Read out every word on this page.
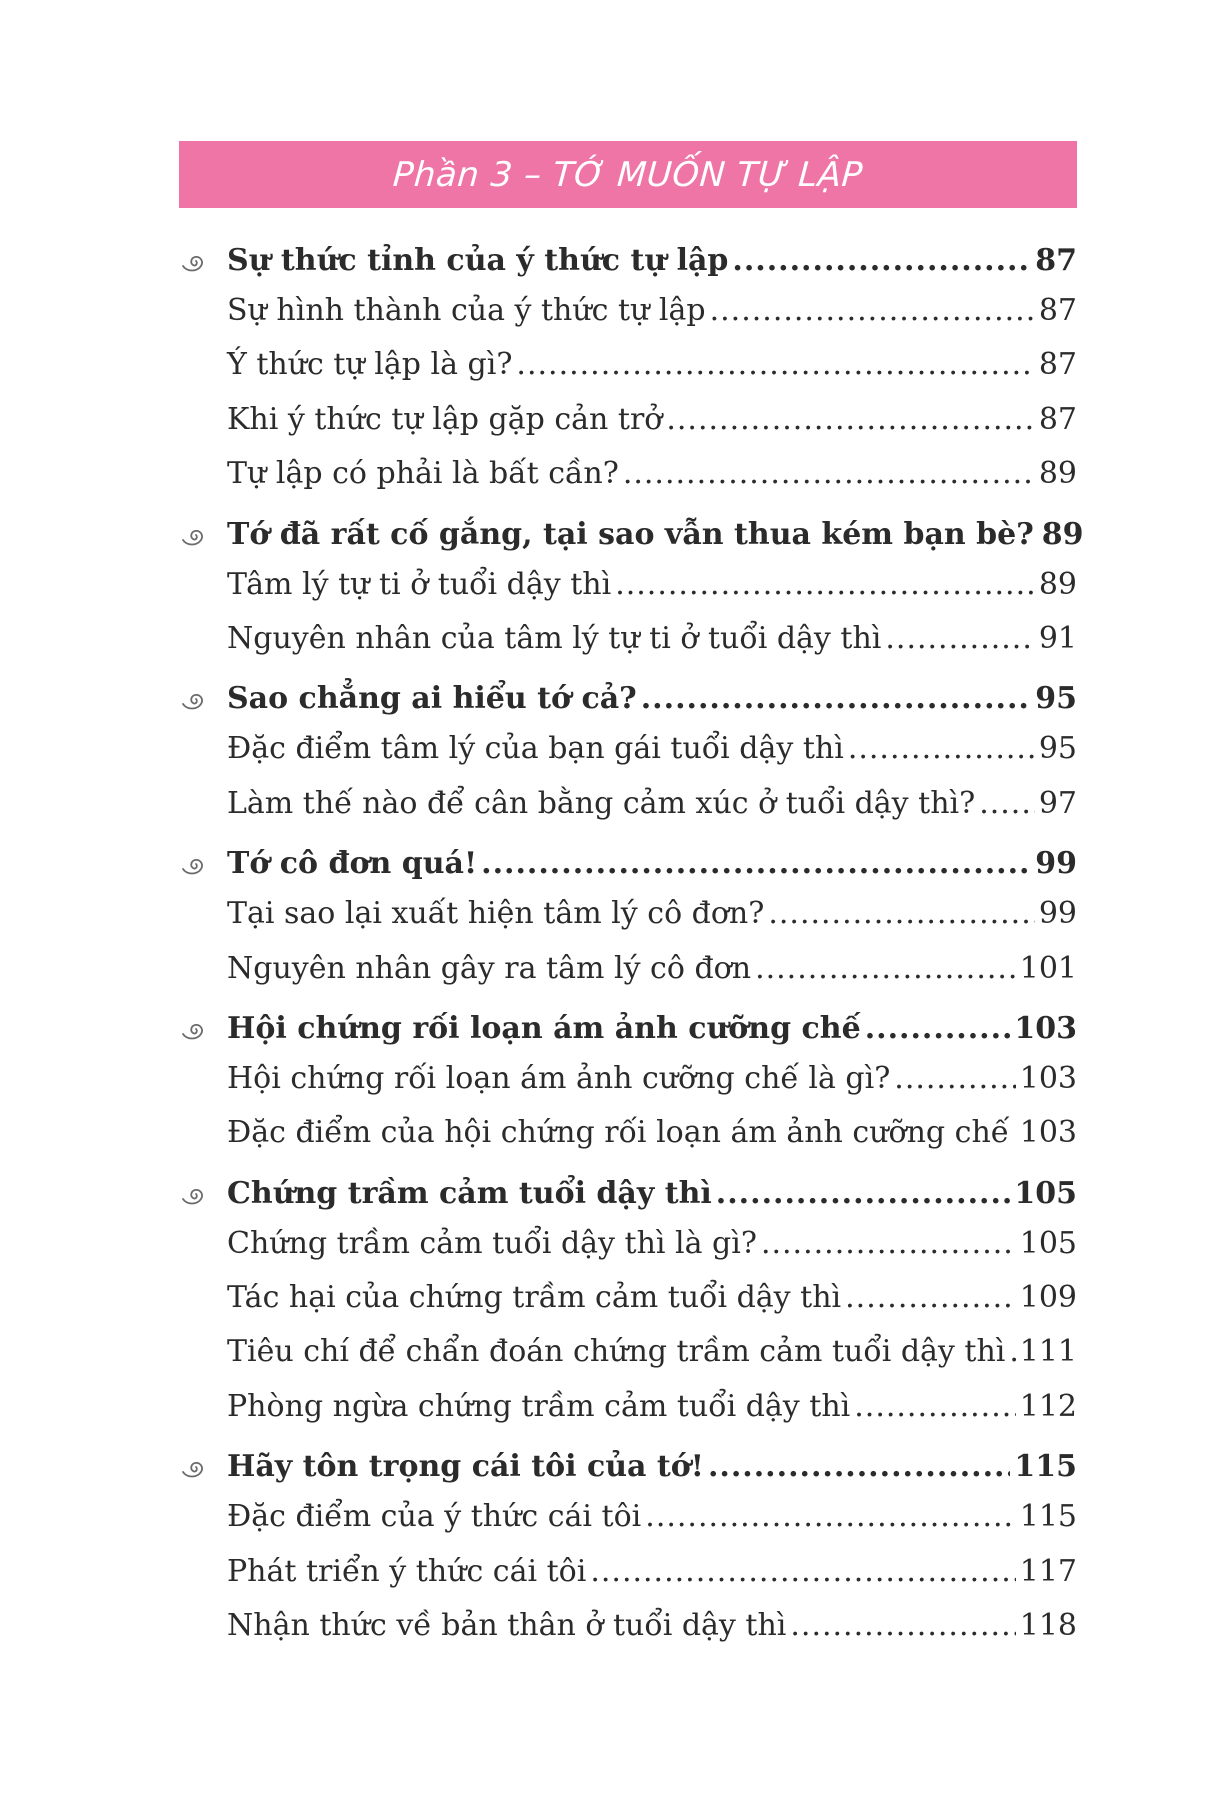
Phần 3 – TỚ MUỐN TỰ LẬP
Sự thức tỉnh của ý thức tự lập .....	87
Sự hình thành của ý thức tự lập .....	87
Ý thức tự lập là gì? .....	87
Khi ý thức tự lập gặp cản trở .....	87
Tự lập có phải là bất cần? .....	89
Tớ đã rất cố gắng, tại sao vẫn thua kém bạn bè? 89
Tâm lý tự ti ở tuổi dậy thì .....	89
Nguyên nhân của tâm lý tự ti ở tuổi dậy thì .....	91
Sao chẳng ai hiểu tớ cả? .....	95
Đặc điểm tâm lý của bạn gái tuổi dậy thì .....	95
Làm thế nào để cân bằng cảm xúc ở tuổi dậy thì? ..... 97
Tớ cô đơn quá! .....	99
Tại sao lại xuất hiện tâm lý cô đơn? .....	99
Nguyên nhân gây ra tâm lý cô đơn .....	101
Hội chứng rối loạn ám ảnh cưỡng chế .....	103
Hội chứng rối loạn ám ảnh cưỡng chế là gì? .....	103
Đặc điểm của hội chứng rối loạn ám ảnh cưỡng chế ..... 103
Chứng trầm cảm tuổi dậy thì .....	105
Chứng trầm cảm tuổi dậy thì là gì? .....	105
Tác hại của chứng trầm cảm tuổi dậy thì .....	109
Tiêu chí để chẩn đoán chứng trầm cảm tuổi dậy thì ..... 111
Phòng ngừa chứng trầm cảm tuổi dậy thì .....	112
Hãy tôn trọng cái tôi của tớ! .....	115
Đặc điểm của ý thức cái tôi .....	115
Phát triển ý thức cái tôi .....	117
Nhận thức về bản thân ở tuổi dậy thì .....	118
